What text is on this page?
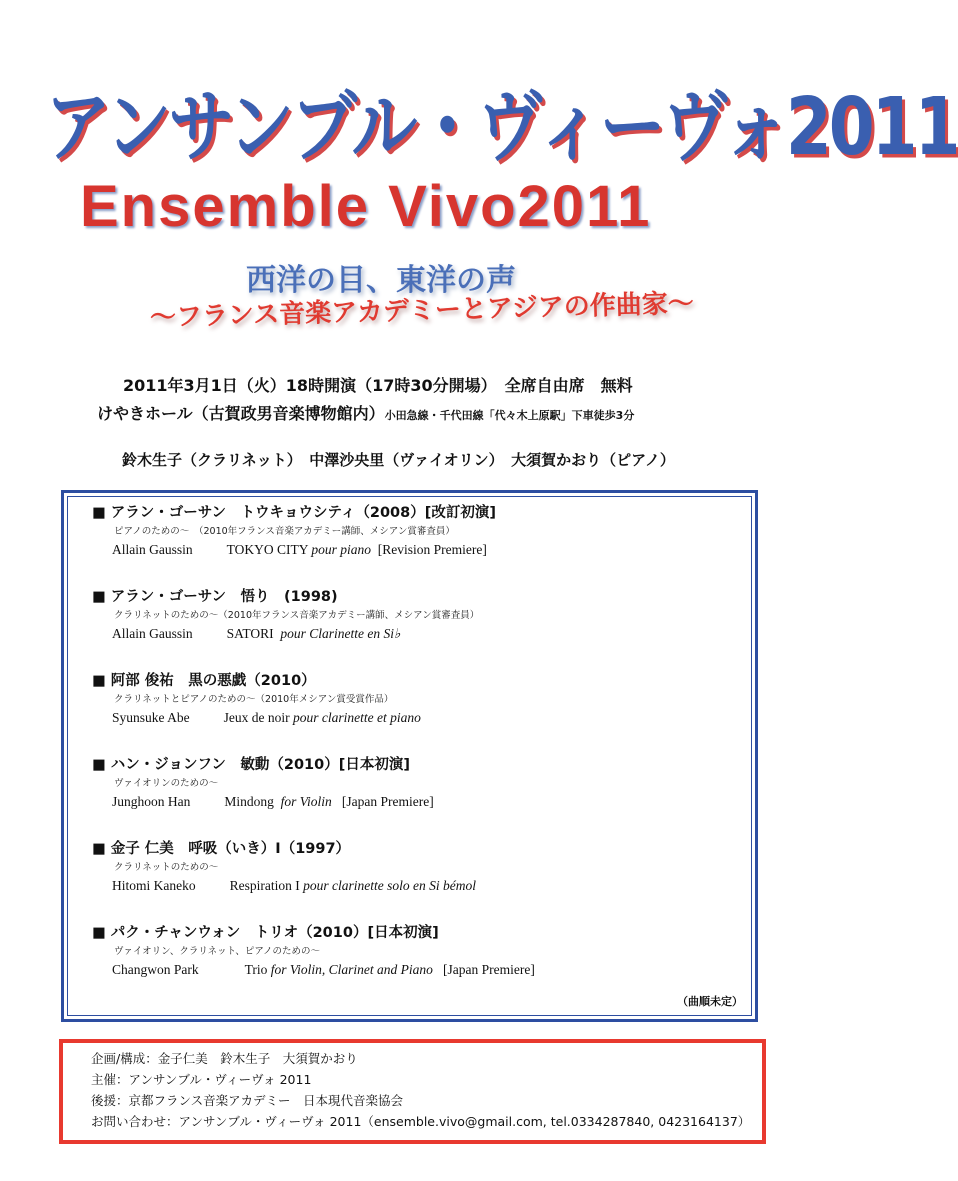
アンサンブル・ヴィーヴォ2011
Ensemble Vivo2011
西洋の目、東洋の声
～フランス音楽アカデミーとアジアの作曲家～
2011年3月1日（火）18時開演（17時30分開場）　全席自由席　無料
けやきホール（古賀政男音楽博物館内）小田急線・千代田線「代々木上原駅」下車徒歩3分
鈴木生子（クラリネット）　中澤沙央里（ヴァイオリン）　大須賀かおり（ピアノ）
■ アラン・ゴーサン　トウキョウシティ（2008）[改訂初演]
ピアノのための～　（2010年フランス音楽アカデミー講師、メシアン賞審査員）
Allain Gaussin	TOKYO CITY pour piano [Revision Premiere]
■ アラン・ゴーサン　悟り　(1998)
クラリネットのための～（2010年フランス音楽アカデミー講師、メシアン賞審査員）
Allain Gaussin	SATORI pour Clarinette en Si♭
■ 阿部 俊祐　黒の悪戯（2010）
クラリネットとピアノのための～（2010年メシアン賞受賞作品）
Syunsuke Abe	Jeux de noir pour clarinette et piano
■ ハン・ジョンフン　敏動（2010）[日本初演]
ヴァイオリンのための～
Junghoon Han	Mindong for Violin [Japan Premiere]
■ 金子 仁美　呼吸（いき）I（1997）
クラリネットのための～
Hitomi Kaneko	Respiration I pour clarinette solo en Si bémol
■ パク・チャンウォン　トリオ（2010）[日本初演]
ヴァイオリン、クラリネット、ピアノのための～
Changwon Park	Trio for Violin, Clarinet and Piano [Japan Premiere]
（曲順未定）
企画/構成：金子仁美　鈴木生子　大須賀かおり
主催：アンサンブル・ヴィーヴォ 2011
後援：京都フランス音楽アカデミー　日本現代音楽協会
お問い合わせ：アンサンブル・ヴィーヴォ 2011（ensemble.vivo@gmail.com, tel.0334287840, 0423164137）
